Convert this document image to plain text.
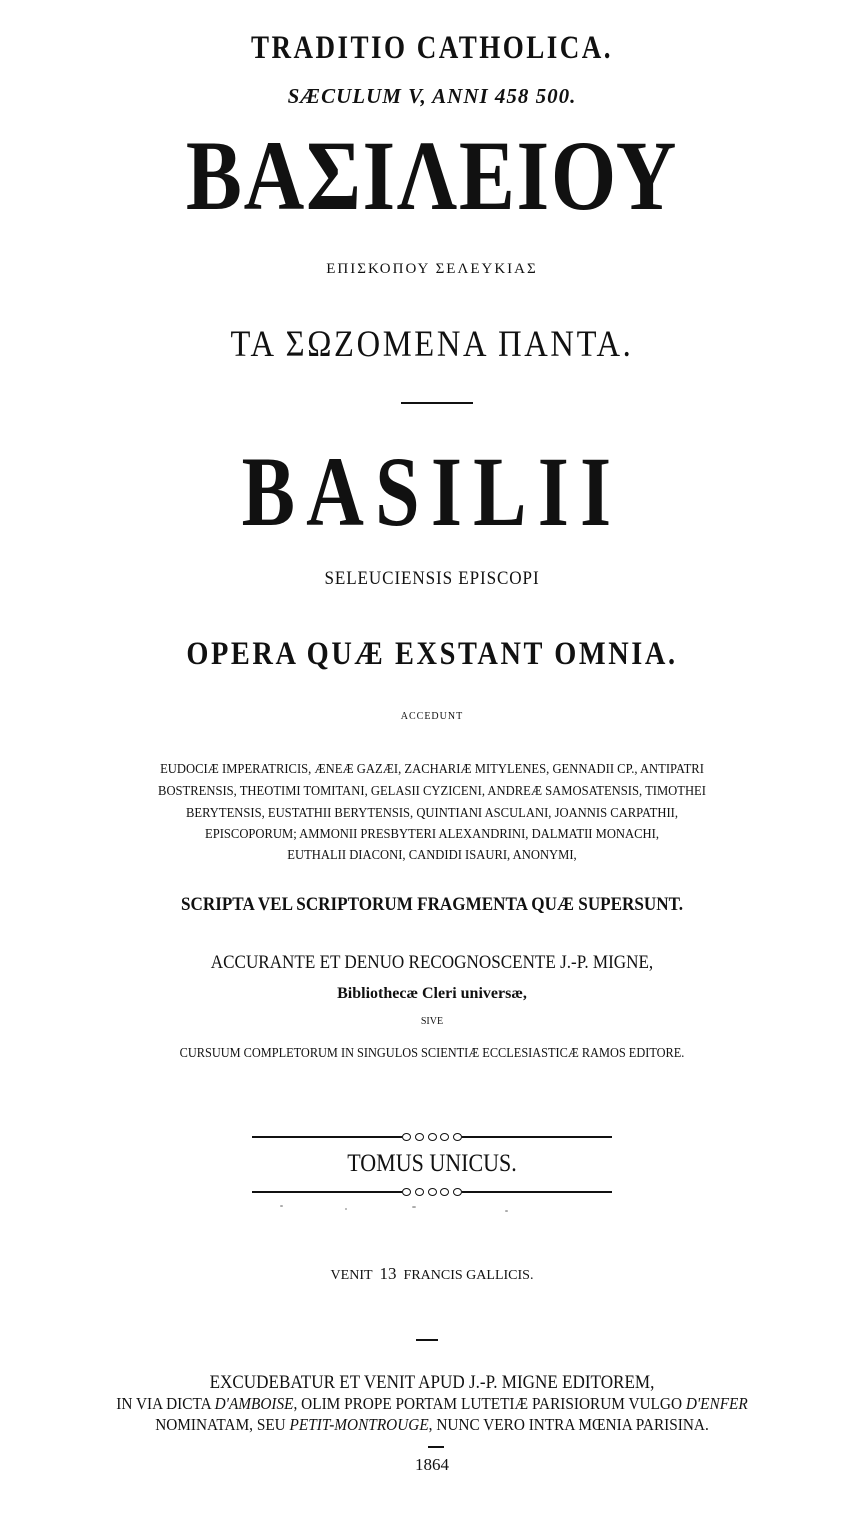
TRADITIO CATHOLICA.
SÆCULUM V, ANNI 458 500.
ΒΑΣΙΛΕΙΟΥ
ΕΠΙΣΚΟΠΟΥ ΣΕΛΕΥΚΙΑΣ
ΤΑ ΣΩΖΟΜΕΝΑ ΠΑΝΤΑ.
BASILII
SELEUCIENSIS EPISCOPI
OPERA QUÆ EXSTANT OMNIA.
ACCEDUNT
EUDOCIÆ IMPERATRICIS, ÆNEÆ GAZÆI, ZACHARIÆ MITYLENES, GENNADII CP., ANTIPATRI
BOSTRENSIS, THEOTIMI TOMITANI, GELASII CYZICENI, ANDREÆ SAMOSATENSIS, TIMOTHEI
BERYTENSIS, EUSTATHII BERYTENSIS, QUINTIANI ASCULANI, JOANNIS CARPATHII,
EPISCOPORUM; AMMONII PRESBYTERI ALEXANDRINI, DALMATII MONACHI,
EUTHALII DIACONI, CANDIDI ISAURI, ANONYMI,
SCRIPTA VEL SCRIPTORUM FRAGMENTA QUÆ SUPERSUNT.
ACCURANTE ET DENUO RECOGNOSCENTE J.-P. MIGNE,
Bibliothecæ Cleri universæ,
SIVE
CURSUUM COMPLETORUM IN SINGULOS SCIENTIÆ ECCLESIASTICÆ RAMOS EDITORE.
TOMUS UNICUS.
VENIT 13 FRANCIS GALLICIS.
EXCUDEBATUR ET VENIT APUD J.-P. MIGNE EDITOREM,
IN VIA DICTA D'AMBOISE, OLIM PROPE PORTAM LUTETIÆ PARISIORUM VULGO D'ENFER
NOMINATAM, SEU PETIT-MONTROUGE, NUNC VERO INTRA MŒNIA PARISINA.
1864
